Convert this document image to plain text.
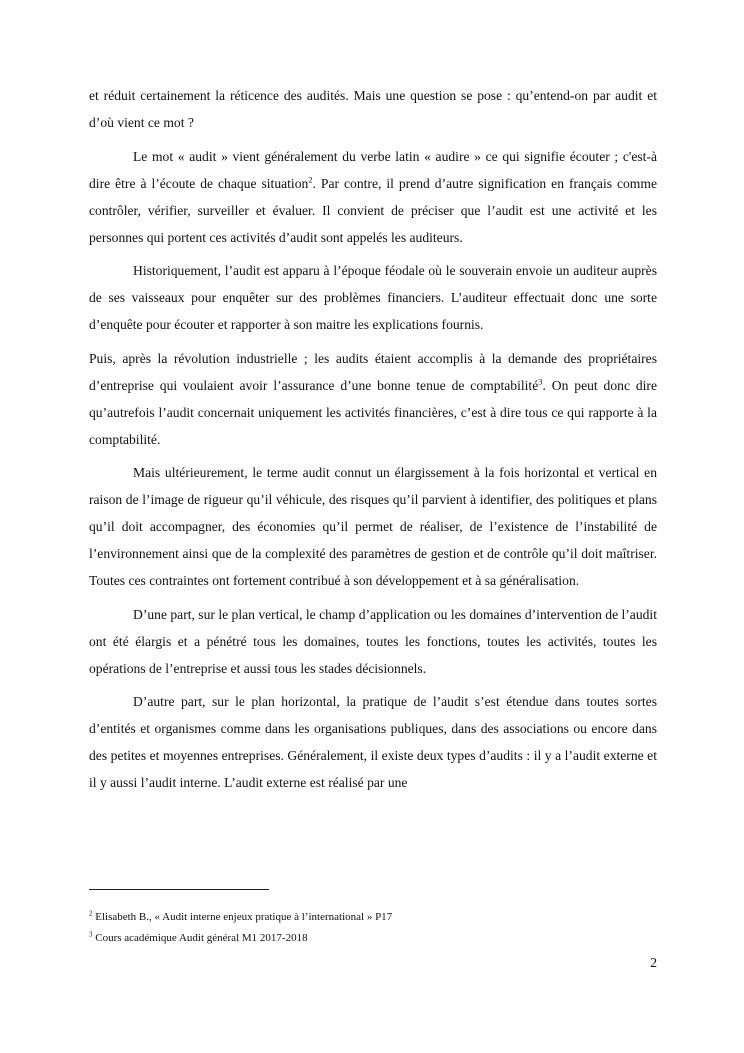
et réduit certainement la réticence des audités. Mais une question se pose : qu’entend-on par audit et d’où vient ce mot ?

Le mot « audit » vient généralement du verbe latin « audire » ce qui signifie écouter ; c'est-à dire être à l’écoute de chaque situation$^2$. Par contre, il prend d’autre signification en français comme contrôler, vérifier, surveiller et évaluer. Il convient de préciser que l’audit est une activité et les personnes qui portent ces activités d’audit sont appelés les auditeurs.

Historiquement, l’audit est apparu à l’époque féodale où le souverain envoie un auditeur auprès de ses vaisseaux pour enquêter sur des problèmes financiers. L’auditeur effectuait donc une sorte d’enquête pour écouter et rapporter à son maitre les explications fournis.

Puis, après la révolution industrielle ; les audits étaient accomplis à la demande des propriétaires d’entreprise qui voulaient avoir l’assurance d’une bonne tenue de comptabilité$^3$. On peut donc dire qu’autrefois l’audit concernait uniquement les activités financières, c’est à dire tous ce qui rapporte à la comptabilité.

Mais ultérieurement, le terme audit connut un élargissement à la fois horizontal et vertical en raison de l’image de rigueur qu’il véhicule, des risques qu’il parvient à identifier, des politiques et plans qu’il doit accompagner, des économies qu’il permet de réaliser, de l’existence de l’instabilité de l’environnement ainsi que de la complexité des paramètres de gestion et de contrôle qu’il doit maîtriser. Toutes ces contraintes ont fortement contribué à son développement et à sa généralisation.

D’une part, sur le plan vertical, le champ d’application ou les domaines d’intervention de l’audit ont été élargis et a pénétré tous les domaines, toutes les fonctions, toutes les activités, toutes les opérations de l’entreprise et aussi tous les stades décisionnels.

D’autre part, sur le plan horizontal, la pratique de l’audit s’est étendue dans toutes sortes d’entités et organismes comme dans les organisations publiques, dans des associations ou encore dans des petites et moyennes entreprises. Généralement, il existe deux types d’audits : il y a l’audit externe et il y aussi l’audit interne. L’audit externe est réalisé par une

$^2$ Elisabeth B., « Audit interne enjeux pratique à l’international » P17

$^3$ Cours académique Audit général M1 2017-2018

2
